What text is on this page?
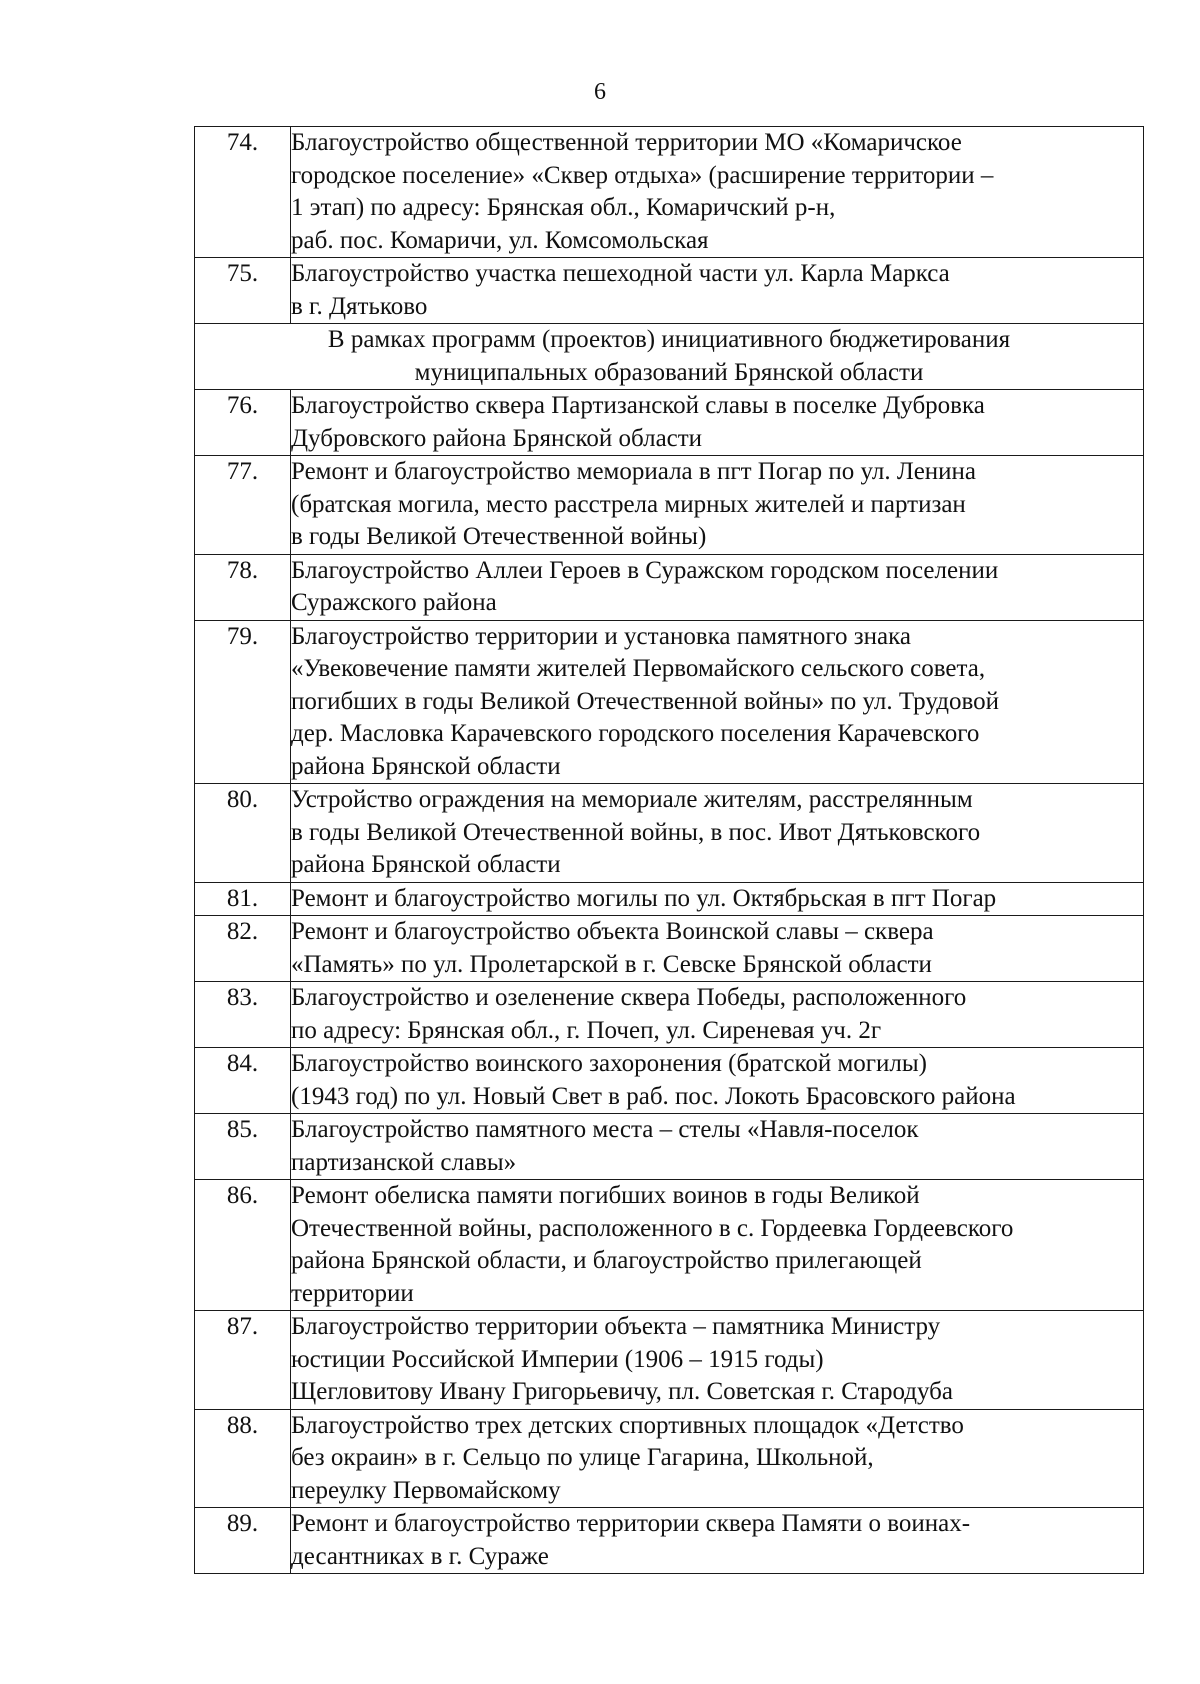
6
74.	Благоустройство общественной территории МО «Комаричское
городское поселение» «Сквер отдыха» (расширение территории –
1 этап) по адресу: Брянская обл., Комаричский р-н,
раб. пос. Комаричи, ул. Комсомольская

75.	Благоустройство участка пешеходной части ул. Карла Маркса
в г. Дятьково

В рамках программ (проектов) инициативного бюджетирования
муниципальных образований Брянской области	

76.	Благоустройство сквера Партизанской славы в поселке Дубровка
Дубровского района Брянской области

77.	Ремонт и благоустройство мемориала в пгт Погар по ул. Ленина
(братская могила, место расстрела мирных жителей и партизан
в годы Великой Отечественной войны)

78.	Благоустройство Аллеи Героев в Суражском городском поселении
Суражского района

79.	Благоустройство территории и установка памятного знака
«Увековечение памяти жителей Первомайского сельского совета,
погибших в годы Великой Отечественной войны» по ул. Трудовой
дер. Масловка Карачевского городского поселения Карачевского
района Брянской области

80.	Устройство ограждения на мемориале жителям, расстрелянным
в годы Великой Отечественной войны, в пос. Ивот Дятьковского
района Брянской области

81.	Ремонт и благоустройство могилы по ул. Октябрьская в пгт Погар

82.	Ремонт и благоустройство объекта Воинской славы – сквера
«Память» по ул. Пролетарской в г. Севске Брянской области

83.	Благоустройство и озеленение сквера Победы, расположенного
по адресу: Брянская обл., г. Почеп, ул. Сиреневая уч. 2г

84.	Благоустройство воинского захоронения (братской могилы)
(1943 год) по ул. Новый Свет в раб. пос. Локоть Брасовского района

85.	Благоустройство памятного места – стелы «Навля-поселок
партизанской славы»

86.	Ремонт обелиска памяти погибших воинов в годы Великой
Отечественной войны, расположенного в с. Гордеевка Гордеевского
района Брянской области, и благоустройство прилегающей
территории

87.	Благоустройство территории объекта – памятника Министру
юстиции Российской Империи (1906 – 1915 годы)
Щегловитову Ивану Григорьевичу, пл. Советская г. Стародуба

88.	Благоустройство трех детских спортивных площадок «Детство
без окраин» в г. Сельцо по улице Гагарина, Школьной,
переулку Первомайскому

89.	Ремонт и благоустройство территории сквера Памяти о воинах-
десантниках в г. Сураже
